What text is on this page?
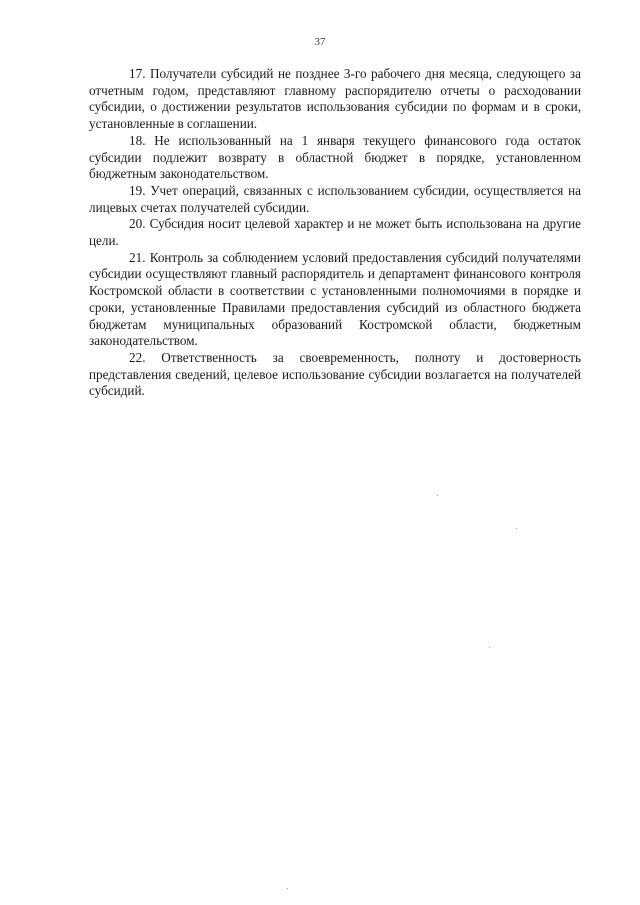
37

17. Получатели субсидий не позднее 3-го рабочего дня месяца, следующего за отчетным годом, представляют главному распорядителю отчеты о расходовании субсидии, о достижении результатов использования субсидии по формам и в сроки, установленные в соглашении.

18. Не использованный на 1 января текущего финансового года остаток субсидии подлежит возврату в областной бюджет в порядке, установленном бюджетным законодательством.

19. Учет операций, связанных с использованием субсидии, осуществляется на лицевых счетах получателей субсидии.

20. Субсидия носит целевой характер и не может быть использована на другие цели.

21. Контроль за соблюдением условий предоставления субсидий получателями субсидии осуществляют главный распорядитель и департамент финансового контроля Костромской области в соответствии с установленными полномочиями в порядке и сроки, установленные Правилами предоставления субсидий из областного бюджета бюджетам муниципальных образований Костромской области, бюджетным законодательством.

22. Ответственность за своевременность, полноту и достоверность представления сведений, целевое использование субсидии возлагается на получателей субсидий.
